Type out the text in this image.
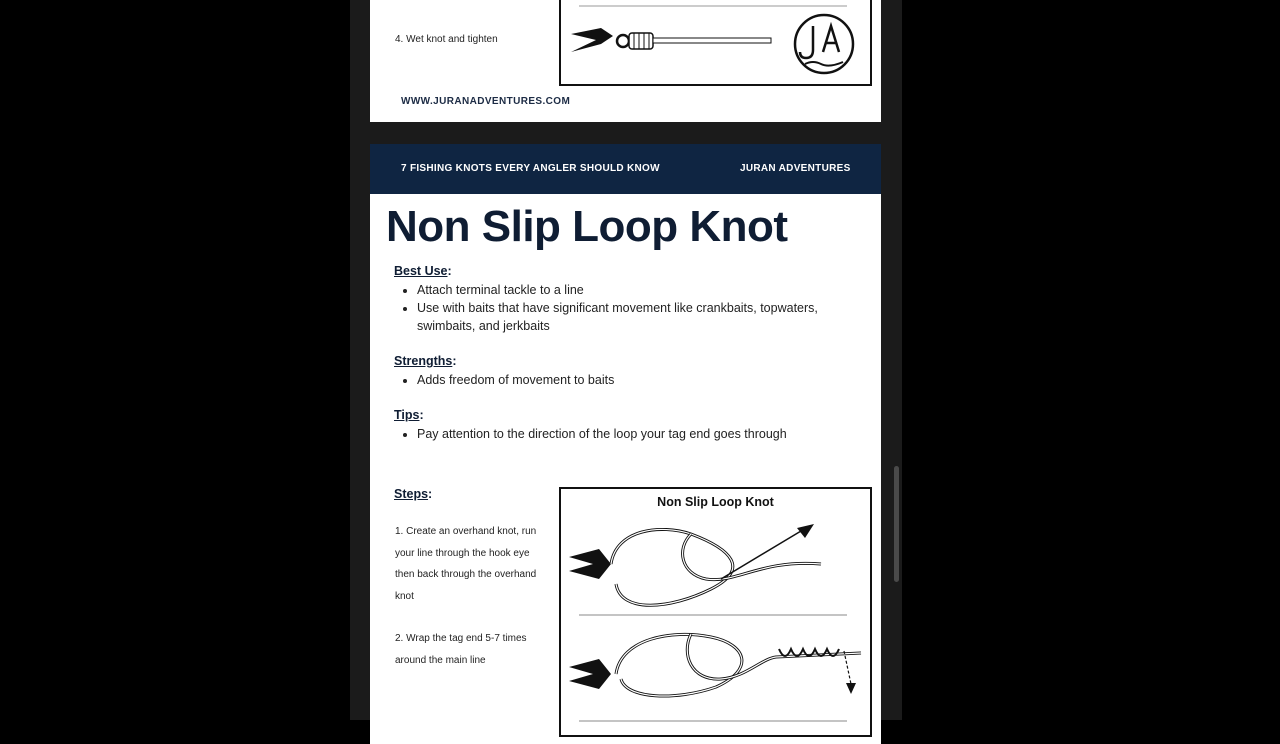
4. Wet knot and tighten
WWW.JURANADVENTURES.COM
7 FISHING KNOTS EVERY ANGLER SHOULD KNOW	JURAN ADVENTURES
Non Slip Loop Knot
Best Use:
• Attach terminal tackle to a line
• Use with baits that have significant movement like crankbaits, topwaters, swimbaits, and jerkbaits
Strengths:
• Adds freedom of movement to baits
Tips:
• Pay attention to the direction of the loop your tag end goes through
Steps:
1. Create an overhand knot, run your line through the hook eye then back through the overhand knot
2. Wrap the tag end 5-7 times around the main line
Non Slip Loop Knot
